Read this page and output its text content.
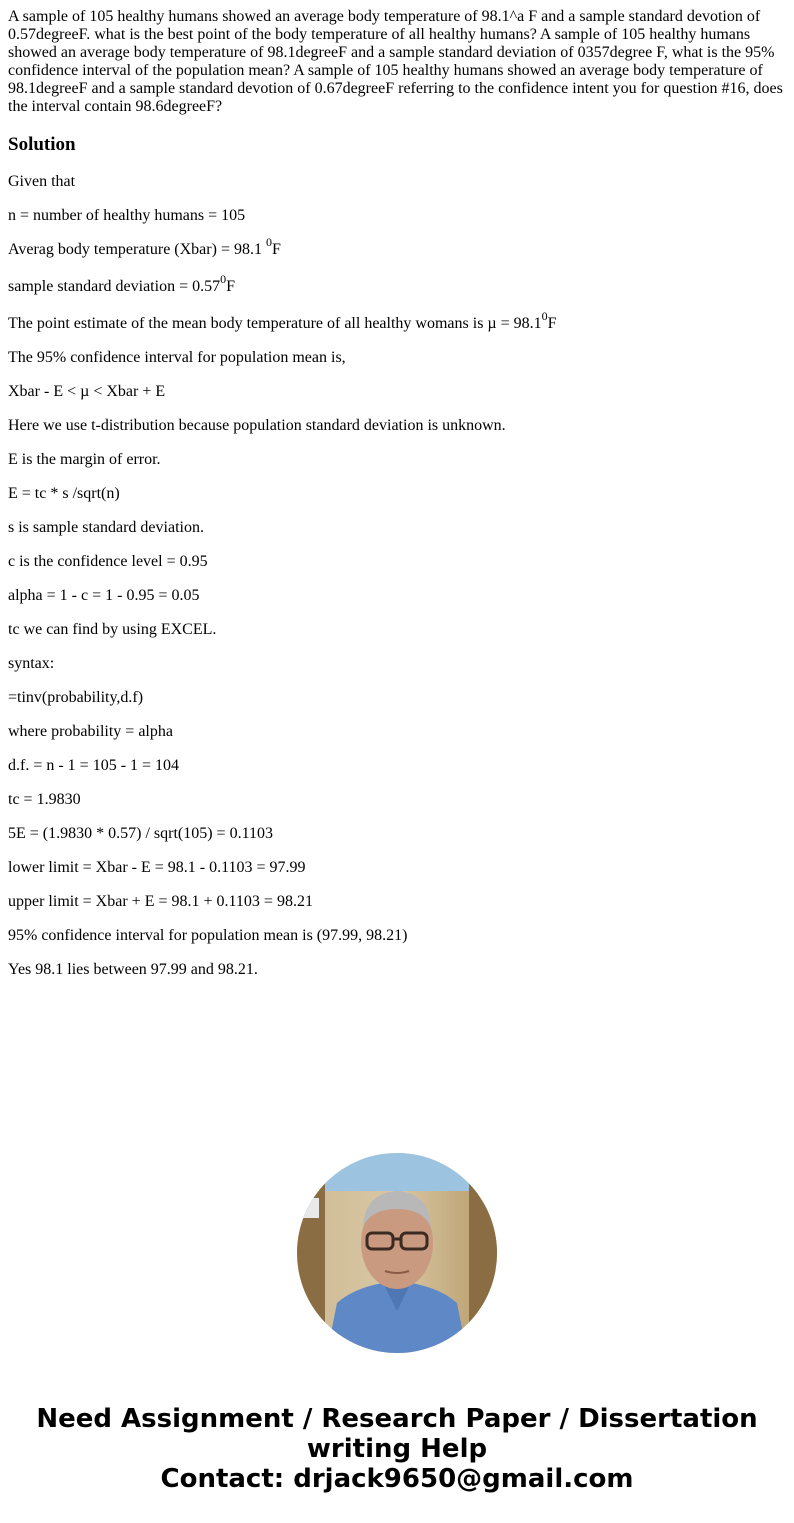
A sample of 105 healthy humans showed an average body temperature of 98.1^a F and a sample standard devotion of 0.57degreeF. what is the best point of the body temperature of all healthy humans? A sample of 105 healthy humans showed an average body temperature of 98.1degreeF and a sample standard deviation of 0357degree F, what is the 95% confidence interval of the population mean? A sample of 105 healthy humans showed an average body temperature of 98.1degreeF and a sample standard devotion of 0.67degreeF referring to the confidence intent you for question #16, does the interval contain 98.6degreeF?

Solution

Given that

n = number of healthy humans = 105

Averag body temperature (Xbar) = 98.1 $^0$F

sample standard deviation = $0.57^0F$

The point estimate of the mean body temperature of all healthy womans is $\mu = 98.1^0F$

The 95% confidence interval for population mean is,

Xbar - E < µ < Xbar + E

Here we use t-distribution because population standard deviation is unknown.

E is the margin of error.

E = tc * s /sqrt(n)

s is sample standard deviation.

c is the confidence level = 0.95

alpha = 1 - c = 1 - 0.95 = 0.05

tc we can find by using EXCEL.

syntax:

=tinv(probability,d.f)

where probability = alpha

d.f. = n - 1 = 105 - 1 = 104

tc = 1.9830

5E = (1.9830 * 0.57) / sqrt(105) = 0.1103

lower limit = Xbar - E = 98.1 - 0.1103 = 97.99

upper limit = Xbar + E = 98.1 + 0.1103 = 98.21

95% confidence interval for population mean is (97.99, 98.21)

Yes 98.1 lies between 97.99 and 98.21.

Need Assignment / Research Paper / Dissertation
writing Help
Contact: drjack9650@gmail.com
